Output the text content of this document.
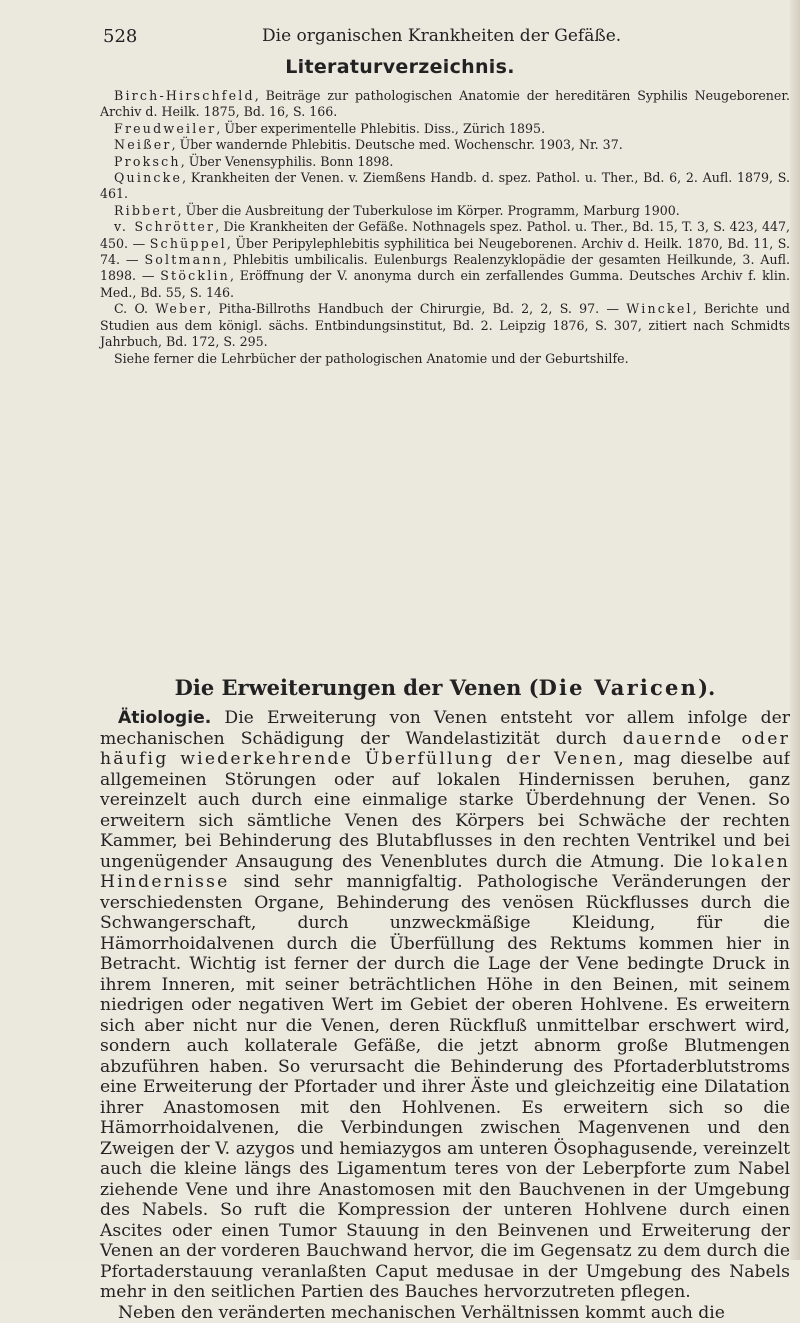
528	Die organischen Krankheiten der Gefäße.
Literaturverzeichnis.

Birch-Hirschfeld, Beiträge zur pathologischen Anatomie der hereditären Syphilis Neugeborener. Archiv d. Heilk. 1875, Bd. 16, S. 166.

Freudweiler, Über experimentelle Phlebitis. Diss., Zürich 1895.

Neißer, Über wandernde Phlebitis. Deutsche med. Wochenschr. 1903, Nr. 37.

Proksch, Über Venensyphilis. Bonn 1898.

Quincke, Krankheiten der Venen. v. Ziemßens Handb. d. spez. Pathol. u. Ther., Bd. 6, 2. Aufl. 1879, S. 461.

Ribbert, Über die Ausbreitung der Tuberkulose im Körper. Programm, Marburg 1900.

v. Schrötter, Die Krankheiten der Gefäße. Nothnagels spez. Pathol. u. Ther., Bd. 15, T. 3, S. 423, 447, 450. — Schüppel, Über Peripylephlebitis syphilitica bei Neugeborenen. Archiv d. Heilk. 1870, Bd. 11, S. 74. — Soltmann, Phlebitis umbilicalis. Eulenburgs Realenzyklopädie der gesamten Heilkunde, 3. Aufl. 1898. — Stöcklin, Eröffnung der V. anonyma durch ein zerfallendes Gumma. Deutsches Archiv f. klin. Med., Bd. 55, S. 146.

C. O. Weber, Pitha-Billroths Handbuch der Chirurgie, Bd. 2, 2, S. 97. — Winckel, Berichte und Studien aus dem königl. sächs. Entbindungsinstitut, Bd. 2. Leipzig 1876, S. 307, zitiert nach Schmidts Jahrbuch, Bd. 172, S. 295.

Siehe ferner die Lehrbücher der pathologischen Anatomie und der Geburtshilfe.

Die Erweiterungen der Venen (Die Varicen).

Ätiologie. Die Erweiterung von Venen entsteht vor allem infolge der mechanischen Schädigung der Wandelastizität durch dauernde oder häufig wiederkehrende Überfüllung der Venen, mag dieselbe auf allgemeinen Störungen oder auf lokalen Hindernissen beruhen, ganz vereinzelt auch durch eine einmalige starke Überdehnung der Venen. So erweitern sich sämtliche Venen des Körpers bei Schwäche der rechten Kammer, bei Behinderung des Blutabflusses in den rechten Ventrikel und bei ungenügender Ansaugung des Venenblutes durch die Atmung. Die lokalen Hindernisse sind sehr mannigfaltig. Pathologische Veränderungen der verschiedensten Organe, Behinderung des venösen Rückflusses durch die Schwangerschaft, durch unzweckmäßige Kleidung, für die Hämorrhoidalvenen durch die Überfüllung des Rektums kommen hier in Betracht. Wichtig ist ferner der durch die Lage der Vene bedingte Druck in ihrem Inneren, mit seiner beträchtlichen Höhe in den Beinen, mit seinem niedrigen oder negativen Wert im Gebiet der oberen Hohlvene. Es erweitern sich aber nicht nur die Venen, deren Rückfluß unmittelbar erschwert wird, sondern auch kollaterale Gefäße, die jetzt abnorm große Blutmengen abzuführen haben. So verursacht die Behinderung des Pfortaderblutstroms eine Erweiterung der Pfortader und ihrer Äste und gleichzeitig eine Dilatation ihrer Anastomosen mit den Hohlvenen. Es erweitern sich so die Hämorrhoidalvenen, die Verbindungen zwischen Magenvenen und den Zweigen der V. azygos und hemiazygos am unteren Ösophagusende, vereinzelt auch die kleine längs des Ligamentum teres von der Leberpforte zum Nabel ziehende Vene und ihre Anastomosen mit den Bauchvenen in der Umgebung des Nabels. So ruft die Kompression der unteren Hohlvene durch einen Ascites oder einen Tumor Stauung in den Beinvenen und Erweiterung der Venen an der vorderen Bauchwand hervor, die im Gegensatz zu dem durch die Pfortaderstauung veranlaßten Caput medusae in der Umgebung des Nabels mehr in den seitlichen Partien des Bauches hervorzutreten pflegen.

Neben den veränderten mechanischen Verhältnissen kommt auch die
